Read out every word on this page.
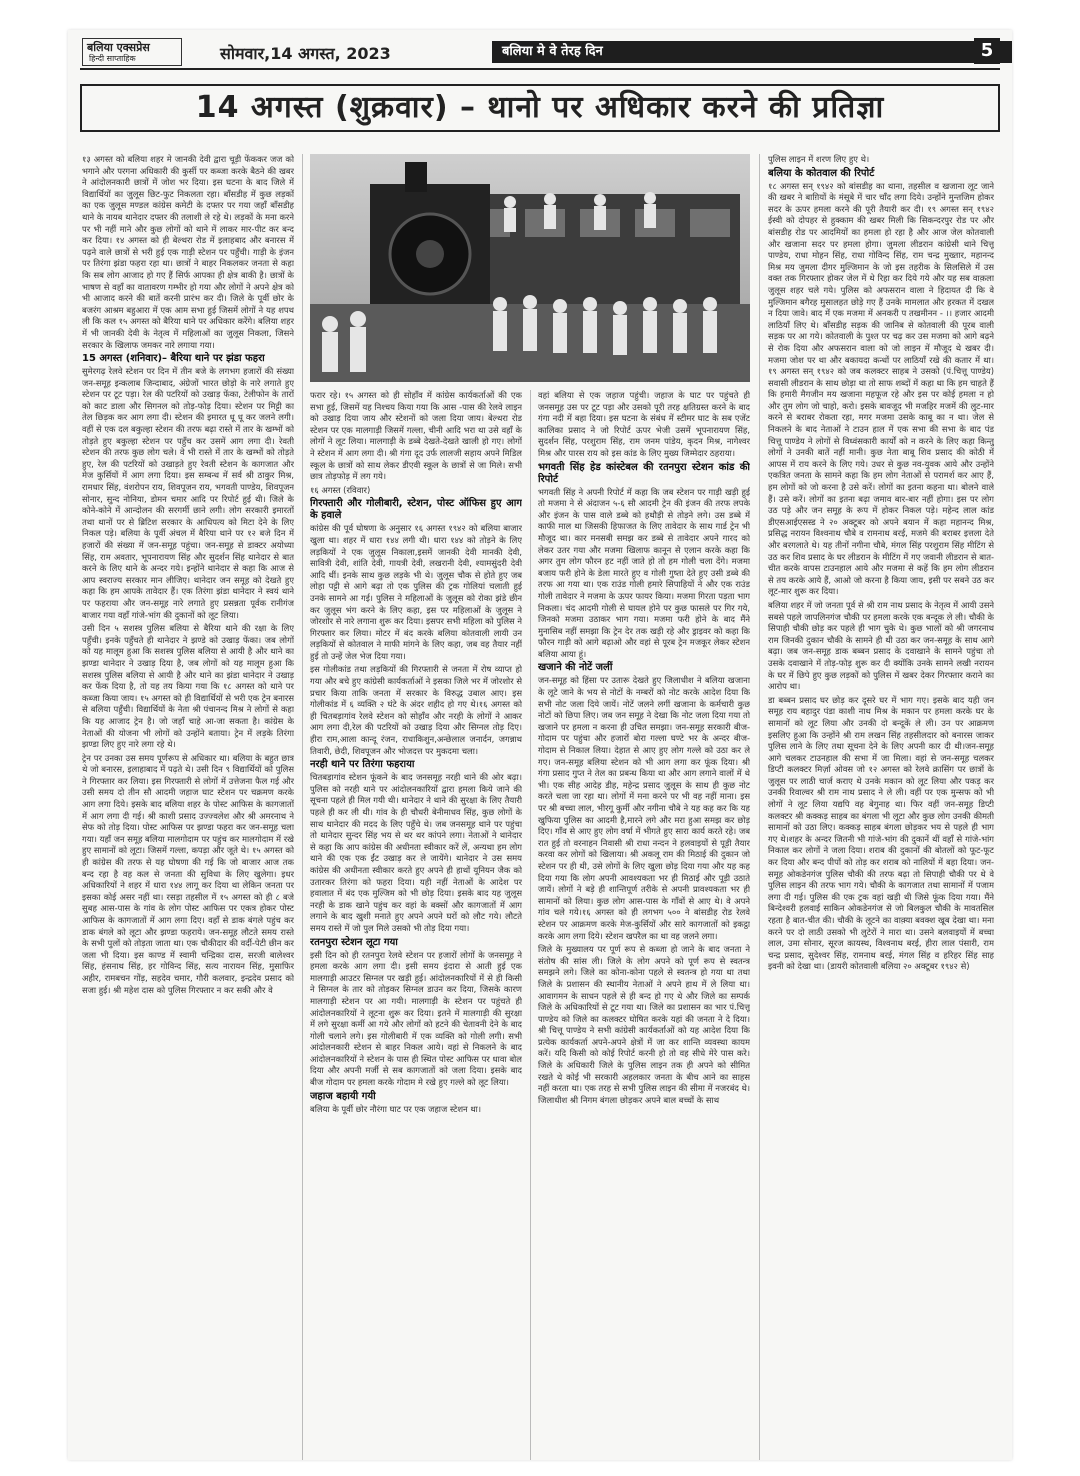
बलिया एक्सप्रेस
हिन्दी साप्ताहिक	सोमवार,14 अगस्त, 2023	बलिया मे वे तेरह दिन	5
14 अगस्त (शुक्रवार) – थानो पर अधिकार करने की प्रतिज्ञा

१३ अगस्त को बलिया शहर मे जानकी देवी द्वारा चूड़ी फेंककर जज को भगाने और परगना अधिकारी की कुर्सी पर कब्जा करके बैठने की खबर ने आंदोलनकारी छात्रों में जोश भर दिया। इस घटना के बाद जिले में विद्यार्थियों का जुलूस छिट-फुट निकलता रहा। बाँसडीह में कुछ लड़कों का एक जुलूस मण्डल कांग्रेस कमेटी के दफ्तर पर गया जहाँ बाँसडीह थाने के नायब थानेदार दफ्तर की तलाशी ले रहे थे। लड़कों के मना करने पर भी नहीं माने और कुछ लोगों को थाने में लाकर मार-पीट कर बन्द कर दिया। १४ अगस्त को ही बेल्थरा रोड में इलाहबाद और बनारस में पढ़ने वाले छात्रों से भरी हुई एक गाड़ी स्टेशन पर पहुँची। गाड़ी के इंजन पर तिरंगा झंडा फहरा रहा था। छात्रों ने बाहर निकलकर जनता से कहा कि सब लोग आजाद हो गए हैं सिर्फ आपका ही क्षेत्र बाकी है। छात्रों के भाषण से वहाँ का वातावरण गम्भीर हो गया और लोगों ने अपने क्षेत्र को भी आजाद करने की बातें करनी प्रारंभ कर दी। जिले के पूर्वी छोर के बजरंग आश्रम बहुआरा में एक आम सभा हुई जिसमें लोगों ने यह शपथ ली कि कल १५ अगस्त को बैरिया थाने पर अधिकार करेंगे। बलिया शहर में भी जानकी देवी के नेतृत्व में महिलाओं का जुलूस निकला, जिसने सरकार के खिलाफ जमकर नारे लगाया गया।

15 अगस्त (शनिवार)– बैरिया थाने पर झंडा फहरा

सुमेरगढ़ रेलवे स्टेशन पर दिन में तीन बजे के लगभग हजारों की संख्या जन-समूह इन्कलाब जिन्दाबाद, अंग्रेजों भारत छोड़ो के नारे लगाते हुए स्टेशन पर टूट पड़ा। रेल की पटरियों को उखाड़ फेंका, टेलीफोन के तारों को काट डाला और सिगनल को तोड़-फोड़ दिया। स्टेशन पर मिट्टी का तेल छिड़क कर आग लगा दी। स्टेशन की इमारत धू धू कर जलने लगी। वहीं से एक दल बकुल्हा स्टेशन की तरफ बढ़ा रास्ते में तार के खम्भों को तोड़ते हुए बकुल्हा स्टेशन पर पहुँच कर उसमें आग लगा दी। रेवती स्टेशन की तरफ कुछ लोग चले। वे भी रास्ते में तार के खम्भों को तोड़ते हुए, रेल की पटरियों को उखाड़ते हुए रेवती स्टेशन के कागजात और मेज कुर्सियों में आग लगा दिया। इस सम्बन्ध में सर्व श्री ठाकुर मिश्र, रामधार सिंह, वंशरोपन राय, शिवपूजन राय, भगवती पाण्डेय, शिवपूजन सोनार, सुन्द नोनिया, डोमन चमार आदि पर रिपोर्ट हुई थी। जिले के कोने-कोने में आन्दोलन की सरगर्मी छाने लगी। लोग सरकारी इमारतों तथा थानों पर से ब्रिटिश सरकार के आधिपत्य को मिटा देने के लिए निकल पड़े। बलिया के पूर्वी अंचल में बैरिया थाने पर १२ बजे दिन में हजारों की संख्या में जन-समूह पहुंचा। जन-समूह से डाक्टर अयोध्या सिंह, राम अवतार, भूपनारायण सिंह और सुदर्शन सिंह थानेदार से बात करने के लिए थाने के अन्दर गये। इन्होंने थानेदार से कहा कि आज से आप स्वराज्य सरकार मान लीजिए। थानेदार जन समूह को देखते हुए कहा कि हम आपके तावेदार हैं। एक तिरंगा झंडा थानेदार ने स्वयं थाने पर फहराया और जन-समूह नारे लगाते हुए प्रसन्नता पूर्वक रानीगंज बाजार गया वहाँ गांजे-भांग की दुकानों को लूट लिया।

उसी दिन ५ सशस्त्र पुलिस बलिया से बैरिया थाने की रक्षा के लिए पहुँची। इनके पहुँचते ही थानेदार ने झण्डे को उखाड़ फेंका। जब लोगों को यह मालूम हुआ कि सशस्त्र पुलिस बलिया से आयी है और थाने का झण्डा थानेदार ने उखाड़ दिया है, जब लोगों को यह मालूम हुआ कि सशस्त्र पुलिस बलिया से आयी है और थाने का झंडा थानेदार ने उखाड़ कर फेंक दिया है, तो यह तय किया गया कि १८ अगस्त को थाने पर कब्जा किया जाय। १५ अगस्त को ही विद्यार्थियों से भरी एक ट्रेन बनारस से बलिया पहुँची। विद्यार्थियों के नेता श्री पंचानन्द मिश्र ने लोगों से कहा कि यह आजाद ट्रेन है। जो जहाँ चाहे आ-जा सकता है। कांग्रेस के नेताओं की योजना भी लोगों को उन्होंने बताया। ट्रेन में लड़के तिरंगा झण्डा लिए हुए नारे लगा रहे थे।

ट्रेन पर उनका उस समय पूर्णरूप से अधिकार था। बलिया के बहुत छात्र थे जो बनारस, इलाहाबाद में पढ़ते थे। उसी दिन ९ विद्यार्थियों को पुलिस ने गिरफ्तार कर लिया। इस गिरफ्तारी से लोगों में उत्तेजना फैल गई और उसी समय दो तीन सौ आदमी जहाज घाट स्टेशन पर चक्रमण करके आग लगा दिये। इसके बाद बलिया शहर के पोस्ट आफिस के कागजातों में आग लगा दी गई। श्री काशी प्रसाद उज्ज्वलेश और श्री अमरनाथ ने सेफ को तोड़ दिया। पोस्ट आफिस पर झण्डा फहरा कर जन-समूह चला गया। यहाँ जन समूह बलिया मालगोदाम पर पहुंच कर मालगोदाम में रखे हुए सामानों को लूटा। जिसमें गल्ला, कपड़ा और जूते थे। १५ अगस्त को ही कांग्रेस की तरफ से यह घोषणा की गई कि जो बाजार आज तक बन्द रहा है वह कल से जनता की सुविधा के लिए खुलेगा। इधर अधिकारियों ने शहर में धारा १४४ लागू कर दिया था लेकिन जनता पर इसका कोई असर नहीं था। रसड़ा तहसील में १५ अगस्त को ही ८ बजे सुबह आस-पास के गांव के लोग पोस्ट आफिस पर एकत्र होकर पोस्ट आफिस के कागजातों में आग लगा दिए। वहाँ से डाक बंगले पहुंच कर डाक बंगले को लूटा और झण्डा फहराये। जन-समूह लौटते समय रास्ते के सभी पुलों को तोड़ता जाता था। एक चौकीदार की वर्दी-पेटी छीन कर जला भी दिया। इस काण्ड में स्वामी चन्द्रिका दास, सरजी बालेश्वर सिंह, हंसनाथ सिंह, हर गोविन्द सिंह, सत्य नारायन सिंह, मुसाफिर अहीर, रामबचन गोंड़, सहदेव चमार, गौरी कलवार, इन्द्रदेव प्रसाद को सजा हुई। श्री महेश दास को पुलिस गिरफ्तार न कर सकी और वे

फरार रहे। १५ अगस्त को ही सोहाँव में कांग्रेस कार्यकर्ताओं की एक सभा हुई, जिसमें यह निश्चय किया गया कि आस -पास की रेलवे लाइन को उखाड़ दिया जाय और स्टेशनों को जला दिया जाय। बेल्थरा रोड स्टेशन पर एक मालगाड़ी जिसमें गल्ला, चीनी आदि भरा था उसे वहाँ के लोगों ने लूट लिया। मालगाड़ी के डब्बे देखते-देखते खाली हो गए। लोगों ने स्टेशन में आग लगा दी। श्री गंगा दूद उर्फ लालजी सहाय अपने मिडिल स्कूल के छात्रों को साथ लेकर डीएवी स्कूल के छात्रों से जा मिले। सभी छात्र तोड़फोड़ में लग गये।

१६ अगस्त (रविवार)

गिरफ्तारी और गोलीबारी, स्टेशन, पोस्ट ऑफिस हुए आग के हवाले

कांग्रेस की पूर्व घोषणा के अनुसार १६ अगस्त १९४२ को बलिया बाजार खुला था। शहर में धारा १४४ लगी थी। धारा १४४ को तोड़ने के लिए लड़कियों ने एक जुलूस निकाला,इसमें जानकी देवी मानकी देवी, सावित्री देवी, शांति देवी, गायत्री देवी, लखरानी देवी, श्यामसुंदरी देवी आदि थीं। इनके साथ कुछ लड़के भी थे। जुलूस चौक से होते हुए जब लोहा पट्टी से आगे बढ़ा तो एक पुलिस की ट्रक गोलियां चलाती हुई उनके सामने आ गई। पुलिस ने महिलाओं के जुलूस को रोका झंडे छीन कर जुलूस भंग करने के लिए कहा, इस पर महिलाओं के जुलूस ने जोरशोर से नारे लगाना शुरू कर दिया। इसपर सभी महिला को पुलिस ने गिरफ्तार कर लिया। मोटर में बंद करके बलिया कोतवाली लायी उन लड़कियों से कोतवाल ने माफी मांगने के लिए कहा, जब वह तैयार नहीं हुई तो उन्हें जेल भेज दिया गया।

इस गोलीकांड तथा लड़कियों की गिरफ्तारी से जनता में रोष व्याप्त हो गया और बचे हुए कांग्रेसी कार्यकर्ताओं ने इसका जिले भर में जोरशोर से प्रचार किया ताकि जनता में सरकार के विरुद्ध उबाल आए। इस गोलीकांड में ६ व्यक्ति २ घंटे के अंदर शहीद हो गए थे।१६ अगस्त को ही चितबड़ागांव रेलवे स्टेशन को सोहाँव और नरही के लोगों ने आकर आग लगा दी,रेल की पटरियों को उखाड़ दिया और सिग्नल तोड़ दिए। हीरा राम,आला कान्दू रंजन, राधाकिशुन,अन्छेलाल जनार्दन, जगन्नाथ तिवारी, छेदी, शिवपूजन और भोजदत्त पर मुकदमा चला।

नरही थाने पर तिरंगा फहराया

चितबड़ागांव स्टेशन फूंकने के बाद जनसमूह नरही थाने की ओर बढ़ा। पुलिस को नरही थाने पर आंदोलनकारियों द्वारा हमला किये जाने की सूचना पहले ही मिल गयी थी। थानेदार ने थाने की सुरक्षा के लिए तैयारी पहले ही कर ली थी। गांव के ही चौधरी बेनीमाधव सिंह, कुछ लोगों के साथ थानेदार की मदद के लिए पहुँचे थे। जब जनसमूह थाने पर पहुंचा तो थानेदार सुन्दर सिंह भय से थर थर कांपने लगा। नेताओं ने थानेदार से कहा कि आप कांग्रेस की अधीनता स्वीकार करें लें, अन्यथा हम लोग थाने की एक एक ईंट उखाड़ कर ले जायेंगे। थानेदार ने उस समय कांग्रेस की अधीनता स्वीकार करते हुए अपने ही हाथों यूनियन जैक को उतारकर तिरंगा को फहरा दिया। यही नहीं नेताओं के आदेश पर हवालात में बंद एक मुल्जिम को भी छोड़ दिया। इसके बाद यह जुलूस नरही के डाक खाने पहुंच कर वहां के बक्सों और कागजातों में आग लगाने के बाद खुशी मनाते हुए अपने अपने घरों को लौट गये। लौटते समय रास्ते में जो पुल मिले उसको भी तोड़ दिया गया।

रतनपुरा स्टेशन लूटा गया

इसी दिन को ही रतनपुरा रेलवे स्टेशन पर हजारों लोगों के जनसमूह ने हमला करके आग लगा दी। इसी समय इंदारा से आती हुई एक मालगाड़ी आउटर सिग्नल पर खड़ी हुई। आंदोलनकारियों में से ही किसी ने सिग्नल के तार को तोड़कर सिग्नल डाउन कर दिया, जिसके कारण मालगाड़ी स्टेशन पर आ गयी। मालगाड़ी के स्टेशन पर पहुंचते ही आंदोलनकारियों ने लूटना शुरू कर दिया। इतने में मालगाड़ी की सुरक्षा में लगे सुरक्षा कर्मी आ गये और लोगों को हटने की चेतावनी देने के बाद गोली चलाने लगे। इस गोलीबारी में एक व्यक्ति को गोली लगी। सभी आंदोलनकारी स्टेशन से बाहर निकल आये। वहां से निकलने के बाद आंदोलनकारियों ने स्टेशन के पास ही स्थित पोस्ट आफिस पर धावा बोल दिया और अपनी मर्जी से सब कागजातों को जला दिया। इसके बाद बीज गोदाम पर हमला करके गोदाम मे रखे हुए गल्ले को लूट लिया।

जहाज बहायी गयी

बलिया के पूर्वी छोर नौरंगा घाट पर एक जहाज स्टेशन था।

वहां बलिया से एक जहाज पहुंची। जहाज के घाट पर पहुंचते ही जनसमूह उस पर टूट पड़ा और उसको पूरी तरह क्षतिग्रस्त करने के बाद गंगा नदी में बहा दिया। इस घटना के संबंध में स्टीमर घाट के सब एजेंट कालिका प्रसाद ने जो रिपोर्ट ऊपर भेजी उसमें भूपनारायण सिंह, सुदर्शन सिंह, परशुराम सिंह, राम जनम पांडेय, कृदन मिश्र, नागेश्वर मिश्र और पारस राय को इस कांड के लिए मुख्य जिम्मेदार ठहराया।

भगवती सिंह हेड कांस्टेबल की रतनपुरा स्टेशन कांड की रिपोर्ट

भगवती सिंह ने अपनी रिपोर्ट में कहा कि जब स्टेशन पर गाड़ी खड़ी हुई तो मजमा ने से अंदाजन ५-६ सौ आदमी ट्रेन की इंजन की तरफ लपके और इंजन के पास वाले डब्बे को हथौड़ी से तोड़ने लगे। उस डब्बे में काफी माल था जिसकी हिफाजत के लिए तावेदार के साथ गार्ड ट्रेन भी मौजूद था। कार मनसबी समझ कर डब्बे से तावेदार अपने गारद को लेकर उतर गया और मजमा खिलाफ कानून से एलान करके कहा कि अगर तुम लोग फौरन हट नहीं जाते हो तो हम गोली चला देंगे। मजमा बजाय फरी होने के डेला मारते हुए व गोली गुष्ता देते हुए उसी डब्बे की तरफ आ गया था। एक राउंड गोली हमारे सिपाहियों ने और एक राउंड गोली तावेदार ने मजमा के ऊपर फायर किया। मजमा गिरता पड़ता भाग निकला। चंद आदमी गोली से घायल होने पर कुछ फासले पर गिर गये, जिनको मजमा उठाकर भाग गया। मजमा फरी होने के बाद मैंने मुनासिब नहीं समझा कि ट्रेन देर तक खड़ी रहे और ड्राइवर को कहा कि फौरन गाड़ी को आगे बढ़ाओ और वहां से पूरब ट्रेन मजकूर लेकर स्टेशन बलिया आया हूं।

खजाने की नोटें जलीं

जन-समूह को हिंसा पर उतारू देखते हुए जिलाधीश ने बलिया खजाना के लूटे जाने के भय से नोटों के नम्बरों को नोट करके आदेश दिया कि सभी नोट जला दिये जायें। नोटें जलने लगीं खजाना के कर्मचारी कुछ नोटों को छिपा लिए। जब जन समूह ने देखा कि नोट जला दिया गया तो खजाने पर हमला न करना ही उचित समझा। जन-समूह सरकारी बीज-गोदाम पर पहुंचा और हजारों बोरा गल्ला घण्टे भर के अन्दर बीज-गोदाम से निकाल लिया। देहात से आए हुए लोग गल्ले को उठा कर ले गए। जन-समूह बलिया स्टेशन को भी आग लगा कर फूंक दिया। श्री गंगा प्रसाद गुप्त ने तेल का प्रबन्ध किया था और आग लगाने वालों में थे भी। एक सीह आदेह डीह, महेन्द्र प्रसाद जुलूस के साथ ही कुछ नोट करते चला जा रहा था। लोगों में मना करने पर भी वह नहीं माना। इस पर श्री बच्चा लाल, भीरगू कुर्मी और नगीना चौबे ने यह कह कर कि यह खुफिया पुलिस का आदमी है,मारने लगे और मरा हुआ समझ कर छोड़ दिए। गाँव से आए हुए लोग वर्षा में भीगते हुए सारा कार्य करते रहे। जब रात हुई तो वरनाहन निवासी श्री राधा नन्दन ने हलवाइयों से पूड़ी तैयार करवा कर लोगों को खिलाया। श्री अकलू राम की मिठाई की दुकान जो स्टेशन पर ही थी, उसे लोगों के लिए खुला छोड़ दिया गया और यह कह दिया गया कि लोग अपनी आवश्यकता भर ही मिठाई और पूड़ी उठाते जायें। लोगों ने बड़े ही शान्तिपूर्ण तरीके से अपनी प्रावश्यकता भर ही सामानों को लिया। कुछ लोग आस-पास के गाँवों से आए थे। वे अपने गांव चले गये।१६ अगस्त को ही लगभग ५०० ने बांसडीह रोड रेलवे स्टेशन पर आक्रमण करके मेज-कुर्सियों और सारे कागजातों को इकट्ठा करके आग लगा दिये। स्टेशन खपरैल का था वह जलने लगा।

जिले के मुख्यालय पर पूर्ण रूप से कब्जा हो जाने के बाद जनता ने संतोष की सांस ली। जिले के लोग अपने को पूर्ण रूप से स्वतन्त्र समझने लगे। जिले का कोना-कोना पहले से स्वतन्त्र हो गया था तथा जिले के प्रशासन की स्थानीय नेताओं ने अपने हाथ में ले लिया था। आवागमन के साधन पहले से ही बन्द हो गए थे और जिले का सम्पर्क जिले के अधिकारियों से टूट गया था। जिले का प्रशासन का भार पं.चित्तू पाण्डेय को जिले का कलक्टर घोषित करके यहां की जनता ने दे दिया। श्री चित्तू पाण्डेय ने सभी कांग्रेसी कार्यकर्ताओं को यह आदेश दिया कि प्रत्येक कार्यकर्ता अपने-अपने क्षेत्रों में जा कर शान्ति व्यवस्था कायम करें। यदि किसी को कोई रिपोर्ट करनी हो तो वह सीधे मेरे पास करे। जिले के अधिकारी जिले के पुलिस लाइन तक ही अपने को सीमित रखते थे कोई भी सरकारी अहलकार जनता के बीच आने का साहस नहीं करता था। एक तरह से सभी पुलिस लाइन की सीमा में नजरबंद थे। जिलाधीश श्री निगम बंगला छोड़कर अपने बाल बच्चों के साथ

पुलिस लाइन में शरण लिए हुए थे।

बलिया के कोतवाल की रिपोर्ट

१८ अगस्त सन् १९४२ को बांसडीह का थाना, तहसील व खजाना लूट जाने की खबर ने बाग़ियों के मंसूबे में चार चाँद लगा दिये। उन्होंने मुन्तजिम होकर सदर के ऊपर हमला करने की पूरी तैयारी कर दी। १९ अगस्त सन् १९४२ ईस्वी को दोपहर से हुक्काम की खबर मिली कि सिकन्दरपुर रोड पर और बांसडीह रोड पर आदमियों का हमला हो रहा है और आज जेल कोतवाली और खजाना सदर पर हमला होगा। जुमला लीडरान कांग्रेसी थाने चित्तू पाण्डेय, राधा मोहन सिंह, राधा गोविन्द सिंह, राम चन्द्र मुख्तार, महानन्द मिश्र मय जुमला दीगर मुल्जिमान के जो इस तहरीक के सिलसिले में उस वक्त तक गिरफ्तार होकर जेल में थे रिहा कर दिये गये और यह सब वाक़ला जुलूस शहर चले गये। पुलिस को अफसरान वाला ने हिदायत दी कि वे मुल्जिमान बगैरह मुसालहत छोड़े गए हैं उनके मामलात और हरकत में दखल न दिया जावे। बाद में एक मजमा में अनकरी प तखमीनन - ।। हजार आदमी लाठियाँ लिए थे। बाँसडीह सड़क की जानिब से कोतवाली की पूरब वाली सड़क पर आ गये। कोतवाली के पुश्त पर चढ़ कर उस मजमा को आगे बढ़ने से रोक दिया और अफसरान वाला को जो लाइन में मौजूद थे खबर दी। मजमा जोश पर था और बकायदा कन्धों पर लाठियाँ रखे की कतार में था। १९ अगस्त सन् १९४२ को जब कलक्टर साहब ने उसको (पं.चित्तू पाण्डेय) सवासी लीडरान के साथ छोड़ा था तो साफ शब्दों में कहा था कि हम चाहते हैं कि हमारी मैगजीन मय खजाना महफूज रहे और इस पर कोई हमला न हो और तुम लोग जो चाहो, करो। इसके बावजूद भी मजहिर मजमें की लुट-मार करने से बराबर रोकता रहा, मगर मजमा उसके काबू का न था। जेल से निकलने के बाद नेताओं ने टाउन हाल में एक सभा की सभा के बाद पंड चित्तू पाण्डेय ने लोगों से विध्वंसकारी कार्यों को न करने के लिए कहा किन्तु लोगों ने उनकी बातें नहीं मानी। कुछ नेता बाबू शिव प्रसाद की कोठी में आपस में राय करने के लिए गये। उधर से कुछ नव-युवक आये और उन्होंने एकत्रित जनता के सामने कहा कि हम लोग नेताओं से परामर्श कर आए हैं, हम लोगों को जो करना है उसे करें। लोगों का इतना कहना था। बोलने वाले हैं। उसे करें। लोगों का इतना बढ़ा जमाव बार-बार नहीं होगा। इस पर लोग उठ पड़े और जन समूह के रूप में होकर निकल पड़े। महेन्द लाल कांड डीएसआईएसस्ड ने २० अक्टूबर को अपने बयान में कहा महानन्द मिश्र, प्रसिद्ध नरायन विश्वनाथ चौबे व रामनाथ बरई, मजमे की बराबर इत्तला देते और बरगलाते थे। यह तीनों नगीना चौबे, मंगल सिंह परशुराम सिंह मीटिंग से उठ कर शिव प्रसाद के घर लीडरान के मीटिंग में गए जवानी लीडरान से बात-चीत करके वापस टाउनहाल आये और मजमा से कहें कि हम लोग लीडरान से तय करके आये हैं, आओ जो करना है किया जाय, इसी पर सबने उठ कर लूट-मार शुरू कर दिया।

बलिया शहर में जो जनता पूर्व से श्री राम नाथ प्रसाद के नेतृत्व में आयी उसने सबसे पहले जापलिनगंज चौकी पर हमला करके एक बन्दूक ले ली। चौकी के सिपाही चौकी छोड़ कर पहले ही भाग चुके थे। कुछ भालों को श्री जगरनाथ राम जिनकी दुकान चौकी के सामने ही थी उठा कर जन-समूह के साथ आगे बढ़ा। जब जन-समूह डाक बब्बन प्रसाद के दवाखाने के सामने पहुंचा तो उसके दवाखाने में तोड़-फोड़ शुरू कर दी क्योंकि उनके सामने लखी नरायन के घर में छिपे हुए कुछ लड़कों को पुलिस में खबर देकर गिरफ्तार कराने का आरोप था।

डा बब्बन प्रसाद घर छोड़ कर दूसरे घर में भाग गए। इसके बाद यही जन समूह राय बहादुर पंडा काशी नाथ मिश्र के मकान पर हमला करके घर के सामानों को लूट लिया और उनकी दो बन्दूकें ले ली। उन पर आक्रमण इसलिए हुआ कि उन्होंने श्री राम लखन सिंह तहसीलदार को बनारस जाकर पुलिस लाने के लिए तथा सूचना देने के लिए अपनी कार दी थी।जन-समूह आगे चलकर टाउनहाल की सभा में जा मिला। वहां से जन-समूह चलकर डिप्टी कलक्टर मिर्ज़ा ओवस जो १२ अगस्त को रेलवे क्रासिंग पर छात्रों के जुलूस पर लाठी चार्ज कराए थे उनके मकान को लूट लिया और पकड़ कर उनकी रिवाल्वर श्री राम नाथ प्रसाद ने ले ली। वहीं पर एक मुन्सफ को भी लोगों ने लूट लिया यद्यपि वह बेगुनाह था। फिर वहीं जन-समूह डिप्टी कलक्टर श्री कक्कड़ साहब का बंगला भी लूटा और कुछ लोग उनकी कीमती सामानों को उठा लिए। कक्कड़ साहब बंगला छोड़कर भय से पहले ही भाग गए थे।शहर के अन्दर जितनी भी गांजे-भांग की दुकानें थीं वहाँ से गांजे-भांग निकाल कर लोगों ने जला दिया। शराब की दुकानों की बोतलों को फूट-फूट कर दिया और बन्द पीपों को तोड़ कर शराब को नालियों में बहा दिया। जन-समूह ओकडेनगंज पुलिस चौकी की तरफ बढ़ा तो सिपाही चौकी पर थे वे पुलिस लाइन की तरफ भाग गये। चौकी के कागजात तथा सामानों में पजाम लगा दी गई। पुलिस की एक ट्रक वहां खड़ी थी जिसे फूंक दिया गया। मैंने बिन्देश्वरी हलवाई साकिन ओकडेनगंज से जो बिलकुल चौकी के मावतसिल रहता है बात-चीत की। चौकी के लूटने का वाक़्या बवक्श खूब देखा था। मना करने पर दो लाठी उसको भी लुटेरों ने मारा था। उसने बलवाइयों में बच्चा लाल, उमा सोनार, सूरज कायस्थ, विश्वनाथ बरई, हीरा लाल पंसारी, राम चन्द्र प्रसाद, सुदेश्वर सिंह, रामनाथ बरई, मंगल सिंह व हरिहर सिंह साह इवनी को देखा था। (डायरी कोतवाली बलिया २० अक्टूबर १९४२ से)
